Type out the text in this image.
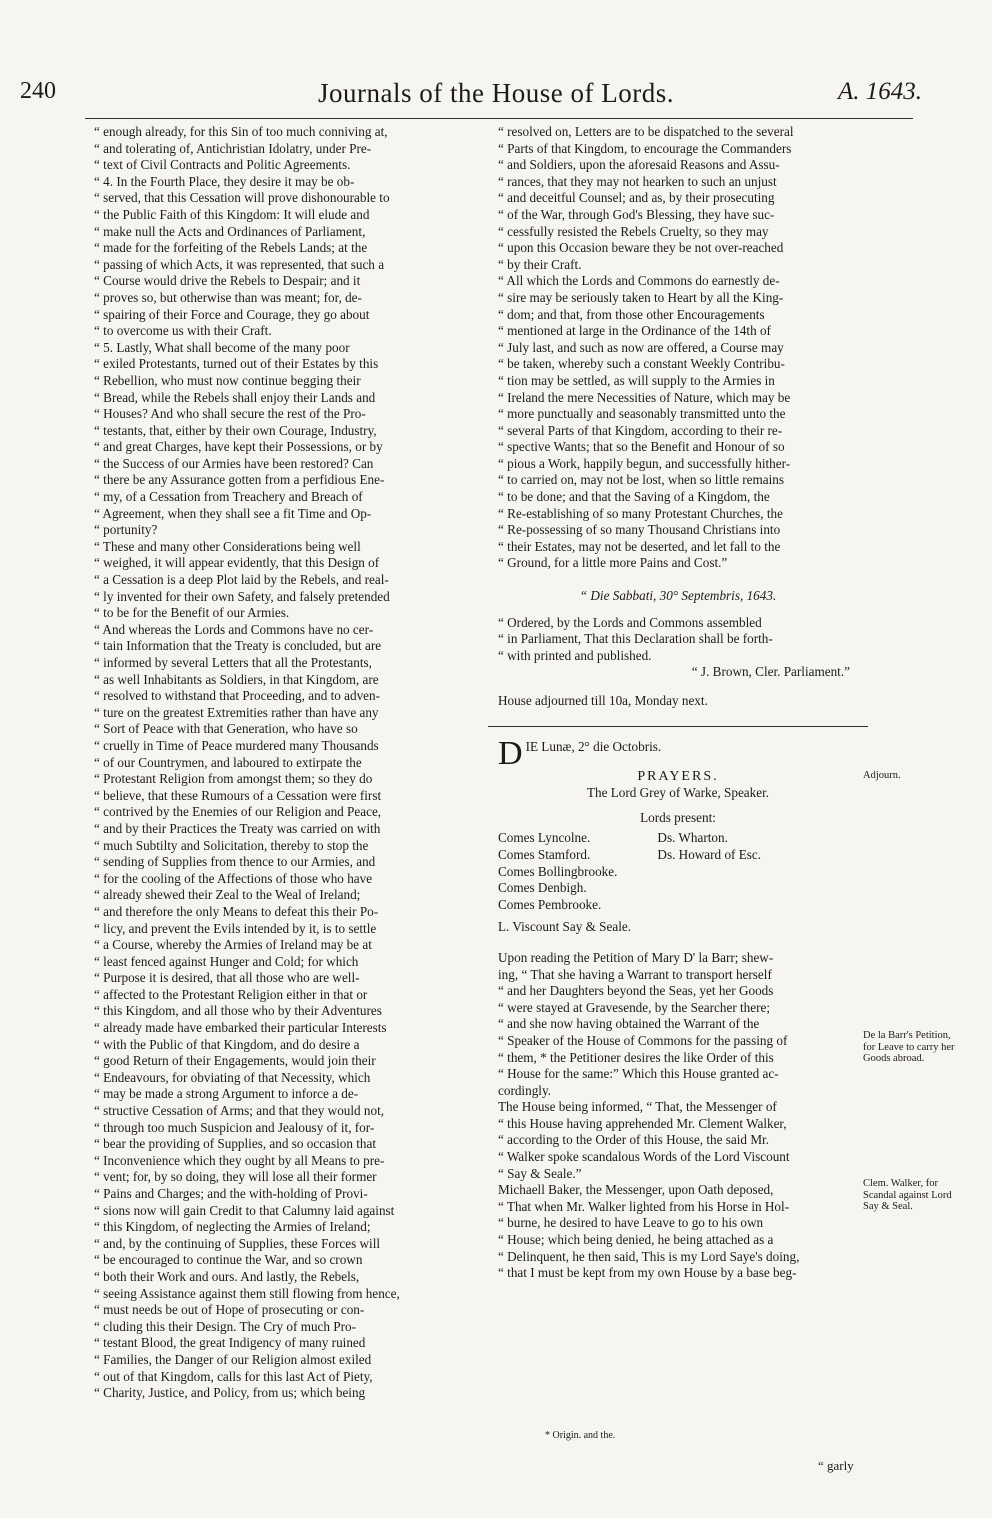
240	Journals of the House of Lords.	A. 1643.

“ enough already, for this Sin of too much conniving at,

“ and tolerating of, Antichristian Idolatry, under Pre-

“ text of Civil Contracts and Politic Agreements.

“ 4. In the Fourth Place, they desire it may be ob-

“ served, that this Cessation will prove dishonourable to

“ the Public Faith of this Kingdom: It will elude and

“ make null the Acts and Ordinances of Parliament,

“ made for the forfeiting of the Rebels Lands; at the

“ passing of which Acts, it was represented, that such a

“ Course would drive the Rebels to Despair; and it

“ proves so, but otherwise than was meant; for, de-

“ spairing of their Force and Courage, they go about

“ to overcome us with their Craft.

“ 5. Lastly, What shall become of the many poor

“ exiled Protestants, turned out of their Estates by this

“ Rebellion, who must now continue begging their

“ Bread, while the Rebels shall enjoy their Lands and

“ Houses? And who shall secure the rest of the Pro-

“ testants, that, either by their own Courage, Industry,

“ and great Charges, have kept their Possessions, or by

“ the Success of our Armies have been restored? Can

“ there be any Assurance gotten from a perfidious Ene-

“ my, of a Cessation from Treachery and Breach of

“ Agreement, when they shall see a fit Time and Op-

“ portunity?

“ These and many other Considerations being well

“ weighed, it will appear evidently, that this Design of

“ a Cessation is a deep Plot laid by the Rebels, and real-

“ ly invented for their own Safety, and falsely pretended

“ to be for the Benefit of our Armies.

“ And whereas the Lords and Commons have no cer-

“ tain Information that the Treaty is concluded, but are

“ informed by several Letters that all the Protestants,

“ as well Inhabitants as Soldiers, in that Kingdom, are

“ resolved to withstand that Proceeding, and to adven-

“ ture on the greatest Extremities rather than have any

“ Sort of Peace with that Generation, who have so

“ cruelly in Time of Peace murdered many Thousands

“ of our Countrymen, and laboured to extirpate the

“ Protestant Religion from amongst them; so they do

“ believe, that these Rumours of a Cessation were first

“ contrived by the Enemies of our Religion and Peace,

“ and by their Practices the Treaty was carried on with

“ much Subtilty and Solicitation, thereby to stop the

“ sending of Supplies from thence to our Armies, and

“ for the cooling of the Affections of those who have

“ already shewed their Zeal to the Weal of Ireland;

“ and therefore the only Means to defeat this their Po-

“ licy, and prevent the Evils intended by it, is to settle

“ a Course, whereby the Armies of Ireland may be at

“ least fenced against Hunger and Cold; for which

“ Purpose it is desired, that all those who are well-

“ affected to the Protestant Religion either in that or

“ this Kingdom, and all those who by their Adventures

“ already made have embarked their particular Interests

“ with the Public of that Kingdom, and do desire a

“ good Return of their Engagements, would join their

“ Endeavours, for obviating of that Necessity, which

“ may be made a strong Argument to inforce a de-

“ structive Cessation of Arms; and that they would not,

“ through too much Suspicion and Jealousy of it, for-

“ bear the providing of Supplies, and so occasion that

“ Inconvenience which they ought by all Means to pre-

“ vent; for, by so doing, they will lose all their former

“ Pains and Charges; and the with-holding of Provi-

“ sions now will gain Credit to that Calumny laid against

“ this Kingdom, of neglecting the Armies of Ireland;

“ and, by the continuing of Supplies, these Forces will

“ be encouraged to continue the War, and so crown

“ both their Work and ours. And lastly, the Rebels,

“ seeing Assistance against them still flowing from hence,

“ must needs be out of Hope of prosecuting or con-

“ cluding this their Design. The Cry of much Pro-

“ testant Blood, the great Indigency of many ruined

“ Families, the Danger of our Religion almost exiled

“ out of that Kingdom, calls for this last Act of Piety,

“ Charity, Justice, and Policy, from us; which being

“ resolved on, Letters are to be dispatched to the several

“ Parts of that Kingdom, to encourage the Commanders

“ and Soldiers, upon the aforesaid Reasons and Assu-

“ rances, that they may not hearken to such an unjust

“ and deceitful Counsel; and as, by their prosecuting

“ of the War, through God's Blessing, they have suc-

“ cessfully resisted the Rebels Cruelty, so they may

“ upon this Occasion beware they be not over-reached

“ by their Craft.

“ All which the Lords and Commons do earnestly de-

“ sire may be seriously taken to Heart by all the King-

“ dom; and that, from those other Encouragements

“ mentioned at large in the Ordinance of the 14th of

“ July last, and such as now are offered, a Course may

“ be taken, whereby such a constant Weekly Contribu-

“ tion may be settled, as will supply to the Armies in

“ Ireland the mere Necessities of Nature, which may be

“ more punctually and seasonably transmitted unto the

“ several Parts of that Kingdom, according to their re-

“ spective Wants; that so the Benefit and Honour of so

“ pious a Work, happily begun, and successfully hither-

“ to carried on, may not be lost, when so little remains

“ to be done; and that the Saving of a Kingdom, the

“ Re-establishing of so many Protestant Churches, the

“ Re-possessing of so many Thousand Christians into

“ their Estates, may not be deserted, and let fall to the

“ Ground, for a little more Pains and Cost.”

“ Die Sabbati, 30° Septembris, 1643.

“ Ordered, by the Lords and Commons assembled

“ in Parliament, That this Declaration shall be forth-

“ with printed and published.

“ J. Brown, Cler. Parliament.”

House adjourned till 10a, Monday next.

D IE Lunæ, 2° die Octobris.

PRAYERS.

The Lord Grey of Warke, Speaker.

Lords present:

Comes Lyncolne.

Comes Stamford.

Comes Bollingbrooke.

Comes Denbigh.

Comes Pembrooke.

Ds. Wharton.

Ds. Howard of Esc.

L. Viscount Say & Seale.

Upon reading the Petition of Mary D' la Barr; shew-

ing, “ That she having a Warrant to transport herself

“ and her Daughters beyond the Seas, yet her Goods

“ were stayed at Gravesende, by the Searcher there;

“ and she now having obtained the Warrant of the

“ Speaker of the House of Commons for the passing of

“ them, * the Petitioner desires the like Order of this

“ House for the same:” Which this House granted ac-

cordingly.

The House being informed, “ That, the Messenger of

“ this House having apprehended Mr. Clement Walker,

“ according to the Order of this House, the said Mr.

“ Walker spoke scandalous Words of the Lord Viscount

“ Say & Seale.”

Michaell Baker, the Messenger, upon Oath deposed,

“ That when Mr. Walker lighted from his Horse in Hol-

“ burne, he desired to have Leave to go to his own

“ House; which being denied, he being attached as a

“ Delinquent, he then said, This is my Lord Saye's doing,

“ that I must be kept from my own House by a base beg-

Adjourn.
De la Barr's Petition, for Leave to carry her Goods abroad.
Clem. Walker, for Scandal against Lord Say & Seal.
* Origin. and the.
“ garly
